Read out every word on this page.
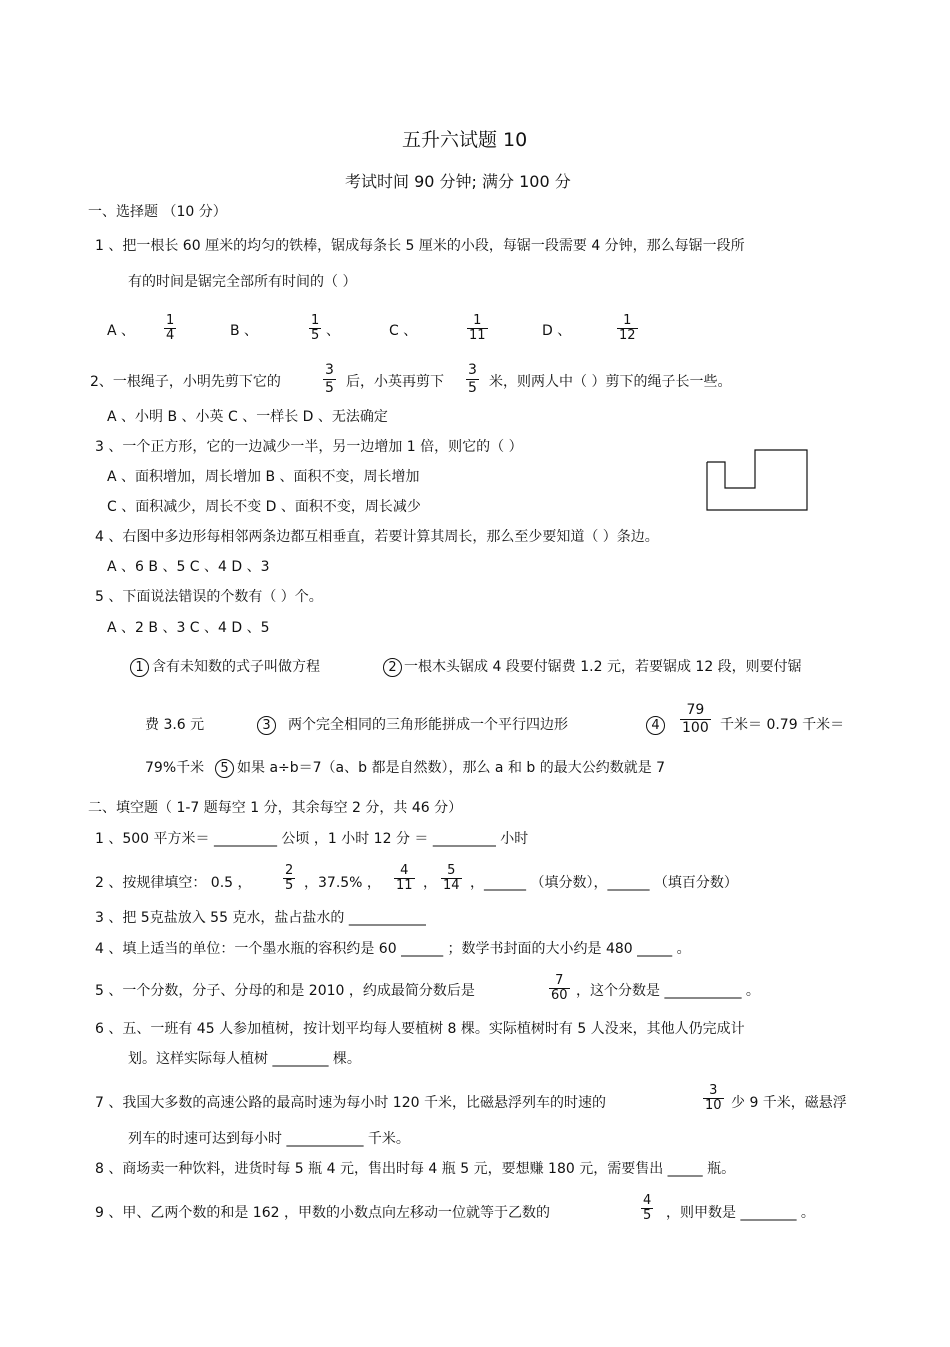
五升六试题 10
考试时间 90 分钟; 满分 100 分
一、选择题 （10 分）
1 、把一根长 60 厘米的均匀的铁棒，锯成每条长 5 厘米的小段，每锯一段需要 4 分钟，那么每锯一段所
有的时间是锯完全部所有时间的（ ）
A 、 $\frac{1}{4}$	B 、	$\frac{1}{5}$ 、	C 、	$\frac{1}{11}$	D 、	$\frac{1}{12}$
2、一根绳子，小明先剪下它的	$\frac{3}{5}$ 后，小英再剪下 $\frac{3}{5}$ 米，则两人中（ ）剪下的绳子长一些。
A 、小明 B 、小英 C 、一样长 D 、无法确定
3 、一个正方形，它的一边减少一半，另一边增加 1 倍，则它的（ ）
A 、面积增加，周长增加 B 、面积不变，周长增加
C 、面积减少，周长不变 D 、面积不变，周长减少
4 、右图中多边形每相邻两条边都互相垂直，若要计算其周长，那么至少要知道（ ）条边。
A 、6 B 、5 C 、4 D 、3
5 、下面说法错误的个数有（ ）个。
A 、2 B 、3 C 、4 D 、5
1 含有未知数的式子叫做方程	2 一根木头锯成 4 段要付锯费 1.2 元，若要锯成 12 段，则要付锯
费 3.6 元	3	两个完全相同的三角形能拼成一个平行四边形	4	$\frac{79}{100}$ 千米＝ 0.79 千米＝
79%千米	5 如果 a÷b＝7（a、b 都是自然数），那么 a 和 b 的最大公约数就是 7
二、填空题（ 1-7 题每空 1 分，其余每空 2 分，共 46 分）
1 、500 平方米＝ _________ 公顷 ，1 小时 12 分 ＝ _________ 小时
2 、按规律填空： 0.5 ， $\frac{2}{5}$ ，37.5% ， $\frac{4}{11}$ ， $\frac{5}{14}$ ，______ （填分数），______ （填百分数）
3 、把 5克盐放入 55 克水，盐占盐水的 ___________
4 、填上适当的单位：一个墨水瓶的容积约是 60 ______ ；数学书封面的大小约是 480 _____ 。
5 、一个分数，分子、分母的和是 2010 ，约成最简分数后是	$\frac{7}{60}$ ，这个分数是 ___________ 。
6 、五、一班有 45 人参加植树，按计划平均每人要植树 8 棵。实际植树时有 5 人没来，其他人仍完成计
划。这样实际每人植树 ________ 棵。
7 、我国大多数的高速公路的最高时速为每小时 120 千米，比磁悬浮列车的时速的	$\frac{3}{10}$ 少 9 千米，磁悬浮
列车的时速可达到每小时 ___________ 千米。
8 、商场卖一种饮料，进货时每 5 瓶 4 元，售出时每 4 瓶 5 元，要想赚 180 元，需要售出 _____ 瓶。
9 、甲、乙两个数的和是 162 ，甲数的小数点向左移动一位就等于乙数的	$\frac{4}{5}$ ，则甲数是 ________ 。
